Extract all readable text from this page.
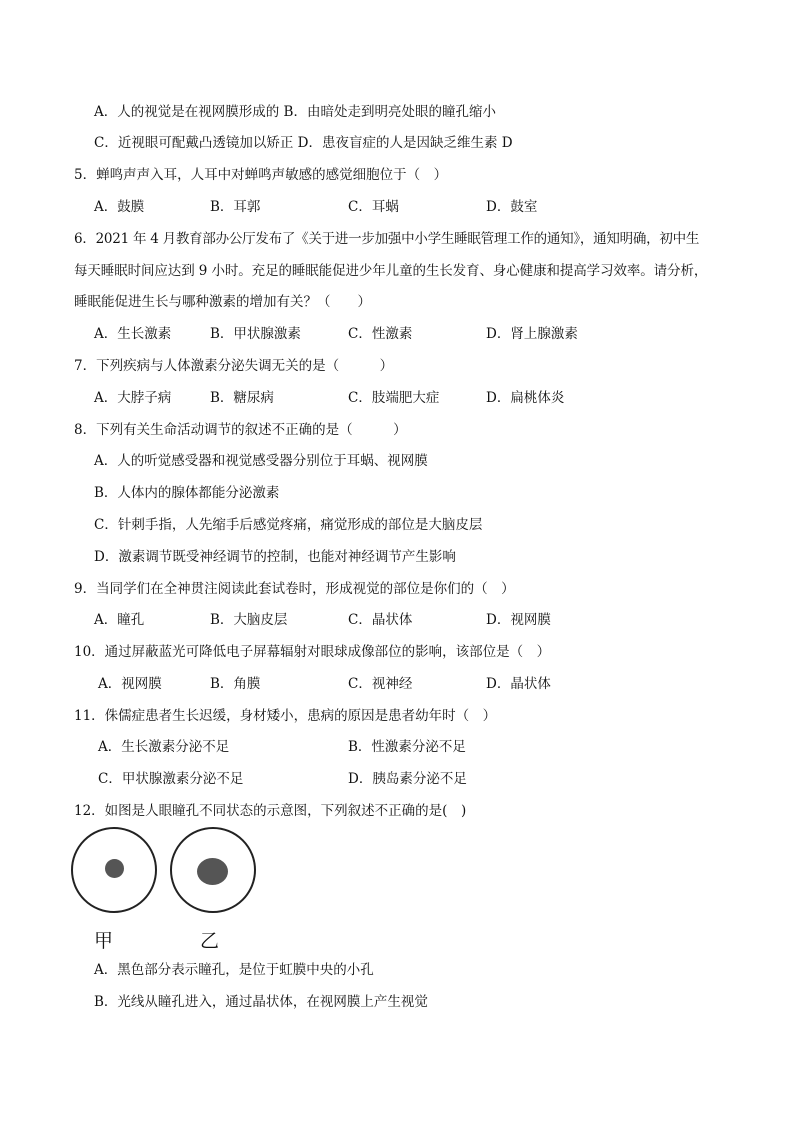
A．人的视觉是在视网膜形成的 B．由暗处走到明亮处眼的瞳孔缩小
C．近视眼可配戴凸透镜加以矫正 D．患夜盲症的人是因缺乏维生素 D
5．蝉鸣声声入耳，人耳中对蝉鸣声敏感的感觉细胞位于（　）
A．鼓膜	B．耳郭	C．耳蜗	D．鼓室
6．2021 年 4 月教育部办公厅发布了《关于进一步加强中小学生睡眠管理工作的通知》，通知明确，初中生
每天睡眠时间应达到 9 小时。充足的睡眠能促进少年儿童的生长发育、身心健康和提高学习效率。请分析，
睡眠能促进生长与哪种激素的增加有关？（　　）
A．生长激素	B．甲状腺激素	C．性激素	D．肾上腺激素
7．下列疾病与人体激素分泌失调无关的是（　　　）
A．大脖子病	B．糖尿病	C．肢端肥大症	D．扁桃体炎
8．下列有关生命活动调节的叙述不正确的是（　　　）
A．人的听觉感受器和视觉感受器分别位于耳蜗、视网膜
B．人体内的腺体都能分泌激素
C．针刺手指，人先缩手后感觉疼痛，痛觉形成的部位是大脑皮层
D．激素调节既受神经调节的控制，也能对神经调节产生影响
9．当同学们在全神贯注阅读此套试卷时，形成视觉的部位是你们的（　）
A．瞳孔	B．大脑皮层	C．晶状体	D．视网膜
10．通过屏蔽蓝光可降低电子屏幕辐射对眼球成像部位的影响，该部位是（　）
A．视网膜	B．角膜	C．视神经	D．晶状体
11．侏儒症患者生长迟缓，身材矮小，患病的原因是患者幼年时（　）
A．生长激素分泌不足	B．性激素分泌不足
C．甲状腺激素分泌不足	D．胰岛素分泌不足
12．如图是人眼瞳孔不同状态的示意图，下列叙述不正确的是(　)
甲	乙
A．黑色部分表示瞳孔，是位于虹膜中央的小孔
B．光线从瞳孔进入，通过晶状体，在视网膜上产生视觉
